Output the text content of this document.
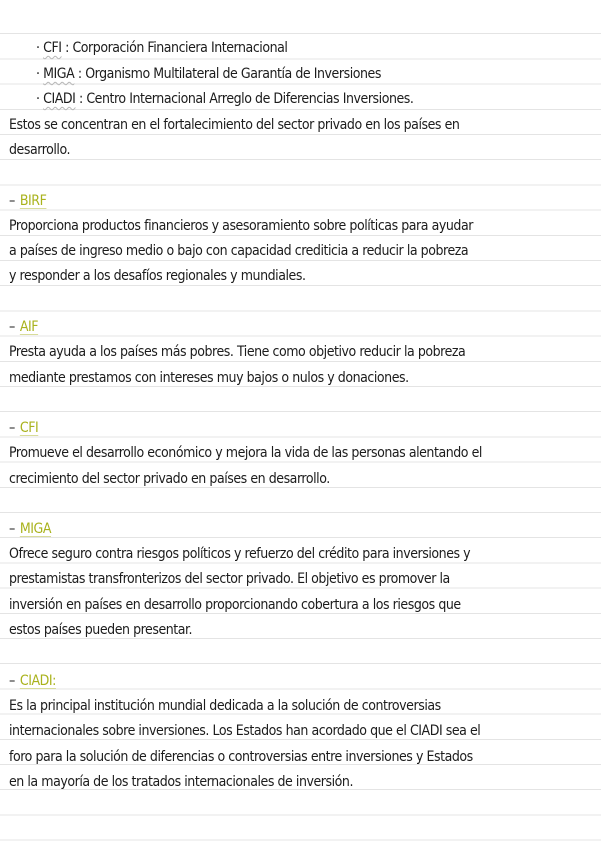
· CFI : Corporación Financiera Internacional
· MIGA : Organismo Multilateral de Garantía de Inversiones
· CIADI : Centro Internacional Arreglo de Diferencias Inversiones.
Estos se concentran en el fortalecimiento del sector privado en los países en
desarrollo.
– BIRF
Proporciona productos financieros y asesoramiento sobre políticas para ayudar
a países de ingreso medio o bajo con capacidad crediticia a reducir la pobreza
y responder a los desafíos regionales y mundiales.
– AIF
Presta ayuda a los países más pobres. Tiene como objetivo reducir la pobreza
mediante prestamos con intereses muy bajos o nulos y donaciones.
– CFI
Promueve el desarrollo económico y mejora la vida de las personas alentando el
crecimiento del sector privado en países en desarrollo.
– MIGA
Ofrece seguro contra riesgos políticos y refuerzo del crédito para inversiones y
prestamistas transfronterizos del sector privado. El objetivo es promover la
inversión en países en desarrollo proporcionando cobertura a los riesgos que
estos países pueden presentar.
– CIADI:
Es la principal institución mundial dedicada a la solución de controversias
internacionales sobre inversiones. Los Estados han acordado que el CIADI sea el
foro para la solución de diferencias o controversias entre inversiones y Estados
en la mayoría de los tratados internacionales de inversión.
